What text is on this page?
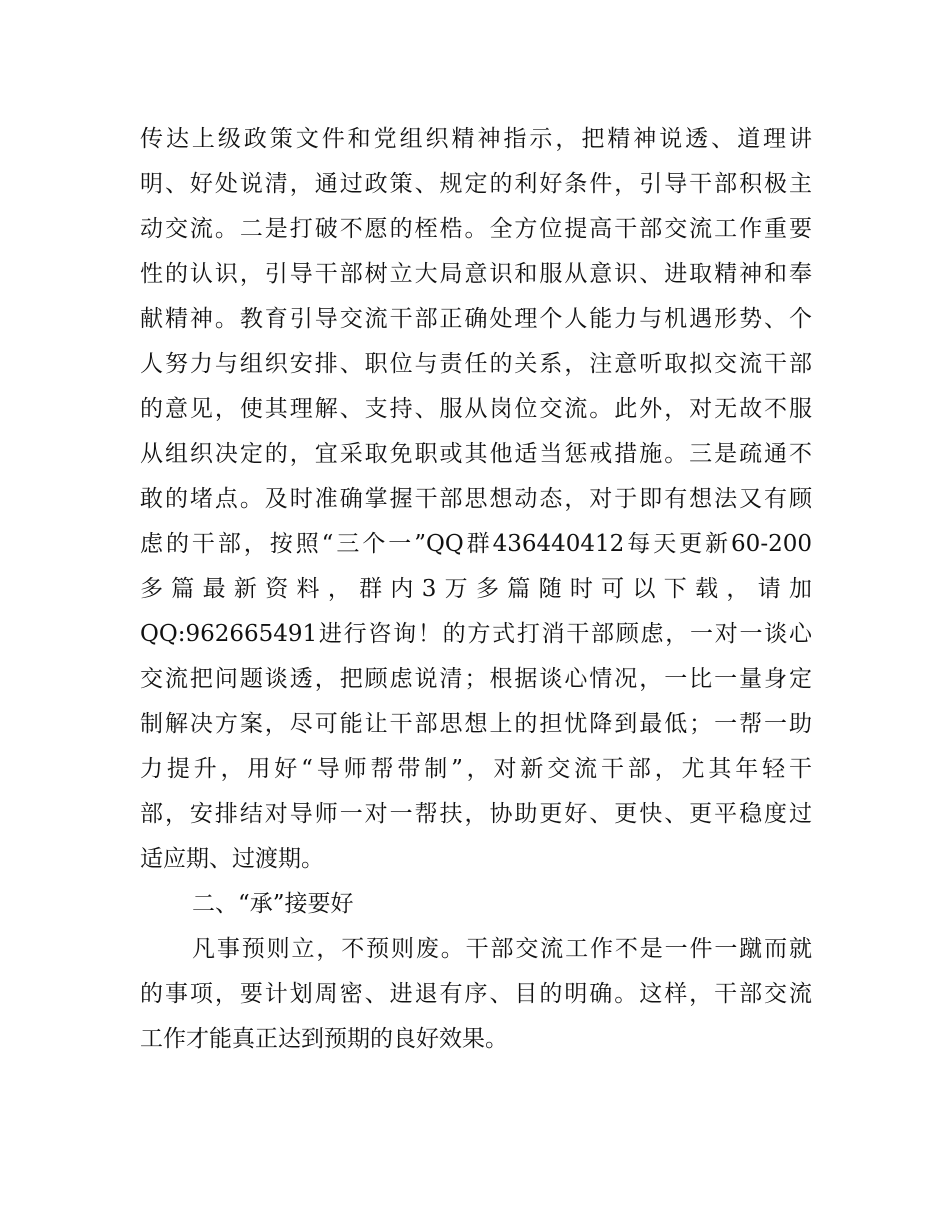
传达上级政策文件和党组织精神指示，把精神说透、道理讲
明、好处说清，通过政策、规定的利好条件，引导干部积极主
动交流。二是打破不愿的桎梏。全方位提高干部交流工作重要
性的认识，引导干部树立大局意识和服从意识、进取精神和奉
献精神。教育引导交流干部正确处理个人能力与机遇形势、个
人努力与组织安排、职位与责任的关系，注意听取拟交流干部
的意见，使其理解、支持、服从岗位交流。此外，对无故不服
从组织决定的，宜采取免职或其他适当惩戒措施。三是疏通不
敢的堵点。及时准确掌握干部思想动态，对于即有想法又有顾
虑的干部，按照“三个一”QQ群436440412每天更新60-200
多篇最新资料，群内3万多篇随时可以下载，请加
QQ:962665491进行咨询！的方式打消干部顾虑，一对一谈心
交流把问题谈透，把顾虑说清；根据谈心情况，一比一量身定
制解决方案，尽可能让干部思想上的担忧降到最低；一帮一助
力提升，用好“导师帮带制”，对新交流干部，尤其年轻干
部，安排结对导师一对一帮扶，协助更好、更快、更平稳度过
适应期、过渡期。
二、“承”接要好
凡事预则立，不预则废。干部交流工作不是一件一蹴而就
的事项，要计划周密、进退有序、目的明确。这样，干部交流
工作才能真正达到预期的良好效果。
